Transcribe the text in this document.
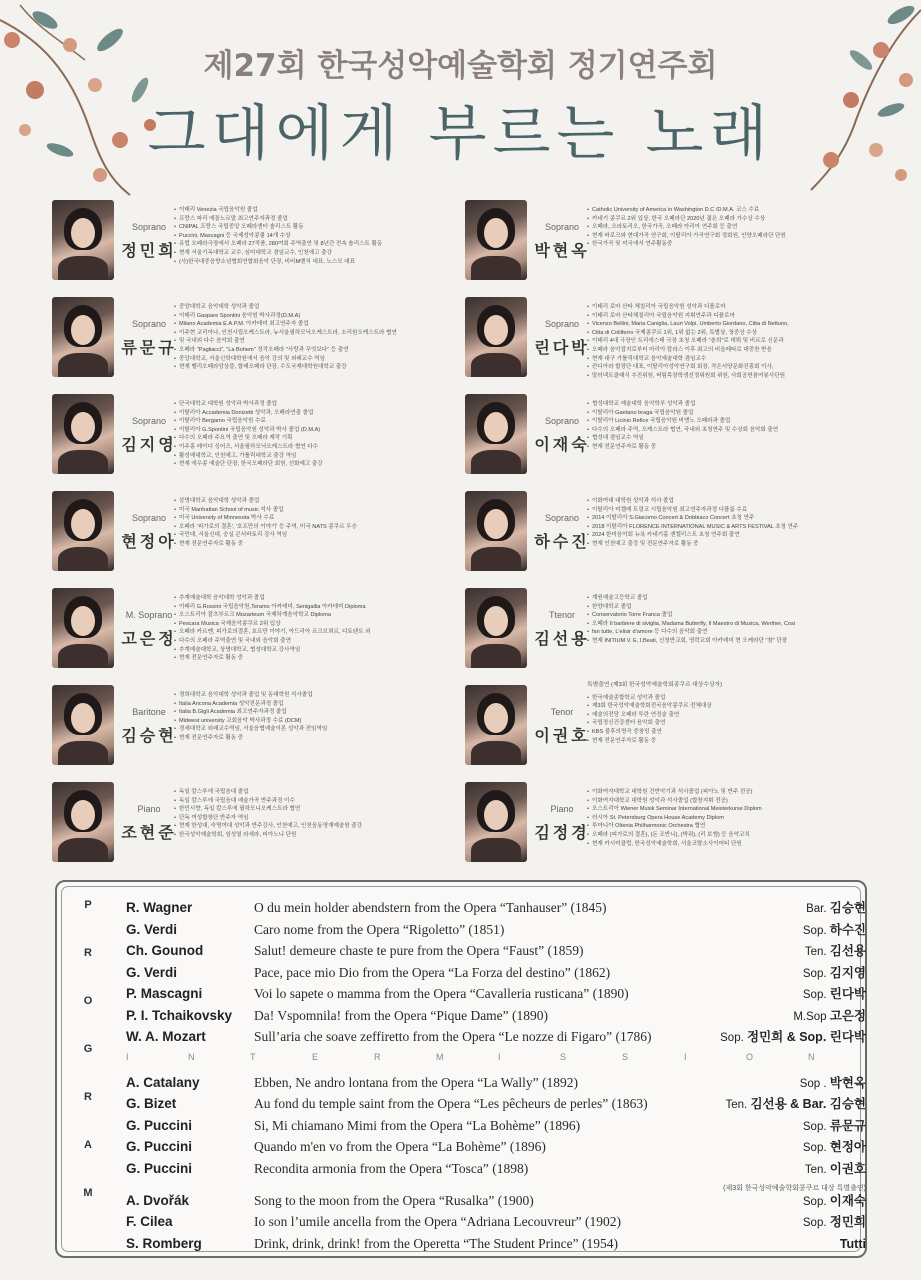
제27회 한국성악예술학회 정기연주회
그대에게 부르는 노래
Soprano
정민희
• 이태리 Venezia 국립음악원 졸업
• 프랑스 파리 에꼴노르말 최고연주자과정 졸업
• CNIPAL 프랑스 국립중앙 오페라센터 솔리스트 활동
• Puccini, Mascagni 등 국제성악콩쿨 14개 수상
• 유럽 오페라극장에서 오페라 27작품, 280여회 주역출연 및 8년간 전속 솔리스트 활동
• 현재 서울기독대학교 교수, 심미대학교 겸임교수, 인천예고 출강
• (사)한국대중음향소년협회연합회음악 단장, 비비M밴치 대표, 노스모 대표
Soprano
박현옥
• Catholic University of America in Washington D.C /D.M.A. 코스 수료
• 카네기 콩쿠르 2위 입상, 한국 오페라단 2020년 젊은 오페라 가수상 수상
• 오페라, 오라토리오, 한국가곡, 오페라 아리아 연주회 등 출연
• 현재 바로크와 현대가곡 연구회, 이탈리아 가곡연구회 정회원, 인양오페라단 단원
• 한국가곡 및 미국에서 연주활동중
Soprano
류문규
• 중앙대학교 음악대학 성악과 졸업
• 이태리 Gaspare Spontini 음악원 박사과정(D.M.A)
• Milano Academia E.A.P.M. 아카데미 최고연주자 졸업
• 이주현 코리아나, 인천시립오케스트라, 뉴서울필하모닉오케스트라, 소리원오케스트라 협연
• 및 국내외 다수 음악회 출연
• 오페라 "Pagliacci", "La Bohem" 정작오페라 "사랑과 무엇보다" 등 출연
• 중앙대학교, 서울신학대학원에서 음악 강의 및 외래교수 역임
• 현재 벨리오페라앙상블, 합래오페라 단장, 수도국제대학원대학교 출강
Soprano
린다박
• 이태리 로마 산타 체칠리아 국립음악원 성악과 디플로마
• 이태리 로마 산타체칠리아 국립음악원 지휘연주과 디플로마
• Vicenzo Bellini, Maria Caniglia, Lauri Volpi, Umberto Giordano, Citta di Nettuno,
• Citta di Colliferro 국제콩쿠르 1위, 1위 없는 2위, 특별상, 청중상 수상
• 이태리 4대 극장인 트리에스테 극장 초청 오페라 "춘희"로 데뷔 및 비르로 신문과
• 오페라 음악잡지로부터 마리아 칼라스 이후 최고의 비올레타로 대중찬 받음
• 현재 대구 가톨릭대학교 음악예술대학 겸임교수
• 칸디아라 합장단 대표, 이탈리아성악연구회 회장, 작은서양문화진흥회 이사,
• 말러넥트클래식 추진위원, 버팀목장학생선정위원회 위원, 사회공헌참여봉사단원
Soprano
김지영
• 단국대학교 대학원 성악과 박사과정 졸업
• 이탈리아 Accademia Donizetti 성악과, 오페라연출 졸업
• 이탈리아 Bergamo 국립음악원 수료
• 이탈리아 G.Spontini 국립음악원 성악과 박사 졸업 (D.M.A)
• 다수의 오페라 주요역 출연 및 오페라 제작 기획
• 이주홍 레이디 싱어즈, 서울필하모닉오케스트라 협연 다수
• 활성예대학교, 인천예고, 가톨릭대학교 출강 역임
• 현재 에우콩 예술단 단장, 한국오페라단 회원, 선화예고 출강
Soprano
이재숙
• 협성대학교 예술대학 음악학부 성악과 졸업
• 이탈리아 Gaetano braga 국립음악원 졸업
• 이탈리아 Licinio Refice 국립음악원 비엔노 오페라과 졸업
• 다수의 오페라 주역, 오케스트라 협연, 국내외 초청연주 및 수상회 음악회 출연
• 협성대 겸임교수 역임
• 현재 전문연주자로 활동 중
Soprano
현정아
• 삼명대학교 음악대학 성악과 졸업
• 미국 Manhattan School of music 석사 졸업
• 미국 University of Minnesota 박사 수료
• 오페라 '피가로의 결혼', '호프만의 이야기' 등 주역, 미국 NATS 콩쿠르 우승
• 국민대, 서울신대, 숭실 콘서바토리 강사 역임
• 현재 전문연주자로 활동 중
Soprano
하수진
• 이화여대 대학원 성악과 석사 졸업
• 이탈리아 미켈레 트링코 시립음악원 최고연주자과정 디플롬 수료
• 2014 이탈리아 S.Giacomo Concert & Dobbiaco Concert 초청 연주
• 2018 이탈리아 FLORENCE INTERNATIONAL MUSIC & ARTS FESTIVAL 초청 연주
• 2024 한미음악회 뉴욕 카네기홀 잰켈리스트 초청 연주회 출연
• 현재 인천예고 출강 및 전문연주자로 활동 중
M. Soprano
고은정
• 추계예술대학 음악대학 성악과 졸업
• 이태리 G.Rossini 국립음악원,Teramo 아카데미, Senigallia 아카데미 Diploma
• 오스트리아 잘츠부르크 Mozarteum 국제하계음악학교 Diploma
• Pescara Musica 국제음악콩쿠르 2위 입상
• 오페라 카르멘, 피가로의결혼, 호프만 이야기, 아드리아 르크브뢰르, 디토텐트 외
• 다수의 오페라 주역출연 및 국내외 음악회 출연
• 추계예술대학교, 상명대학교, 협성대학교 강사역임
• 현재 전문연주자로 활동 중
Ttenor
김선용
• 계원예술고등학교 졸업
• 한양대학교 졸업
• Conservatorio Torre Franca 졸업
• 오페라 Il barbiere di siviglia, Madama Butterfly, Il Maestro di Musica, Werther, Cosi
• fan tutte, L'elisir d'amore 등 다수의 음악회 출연
• 현재 INITIUM V. E, I.Beati, 신청반교회, 영락교회 아카데미 현 오케라단 "참" 단장
Baritone
김승현
• 경희대학교 음악대학 성악과 졸업 및 동대학원 석사졸업
• Italia Ancona Academia 성악전문과정 졸업
• Italia B.Gigli Academia 최고연주자과정 졸업
• Midwest university 교회음악 박사과정 수료 (DCM)
• 경세대학교 외래교수역임, 서울음협예술이론 성악과 전임역임
• 현재 전문연주자로 활동 중
Tenor
이권호
특별출연 (제3회 한국성악예술학회콩쿠르 대상수상자)
• 한국예술종합학교 성악과 졸업
• 제3회 한국성악예술학회전국음악콩쿠르 전체대상
• 예술의전당 오페라 투란 연정술 출연
• 국립정신건강센터 음악회 출연
• KBS 불후의명곡 중창밍 출연
• 현재 전문연주자로 활동 중
Piano
조현준
• 독일 칼스루에 국립음대 졸업
• 독일 칼스루에 국립음대 예술가곡 반주과정 이수
• 한민시향, 독일 칼스루에 필하모니오케스트라 협연
• 단독 여성합창단 반주자 역임
• 현재 한성대, 숙명여대 성악과 반주강사, 인천예고, 인천음동영재예술원 출강
• 한국성악예술학회, 임성열 라세라, 피아노니 단원
Piano
김정경
• 이화여자대학교 대학원 건반악기과 석사졸업 (피아노 및 반주 전공)
• 이화여자대학교 대학원 성악과 석사졸업 (합창지휘 전공)
• 오스트리아 Wiener Musik Seminar International Meisterkurse Diplom
• 러시아 St. Petersburg Opera House Academy Diplom
• 루마니아 Oltenia Philharmonic Orchestra 협연
• 오페라 (피가로의 결혼), (돈 조반니), (박쥐), (리 보엠) 등 음악코치
• 현재 카시미클럽, 한국성악예술학회, 서울코랄소사이어티 단원
P
R
O
G
R
A
M
R. Wagner	O du mein holder abendstern from the Opera “Tanhauser” (1845)	Bar. 김승현
G. Verdi	Caro nome from the Opera “Rigoletto” (1851)	Sop. 하수진
Ch. Gounod	Salut! demeure chaste te pure from the Opera “Faust” (1859)	Ten. 김선용
G. Verdi	Pace, pace mio Dio from the Opera “La Forza del destino” (1862)	Sop. 김지영
P. Mascagni	Voi lo sapete o mamma from the Opera “Cavalleria rusticana” (1890)	Sop. 린다박
P. I. Tchaikovsky	Da! Vspomnila! from the Opera “Pique Dame” (1890)	M.Sop 고은정
W. A. Mozart	Sull’aria che soave zeffiretto from the Opera “Le nozze di Figaro” (1786)	Sop. 정민희 & Sop. 린다박
I	N	T	E	R	M	I	S	S	I	O	N
A. Catalany	Ebben, Ne andro lontana from the Opera “La Wally” (1892)	Sop . 박현옥
G. Bizet	Au fond du temple saint from the Opera “Les pêcheurs de perles” (1863)	Ten. 김선용 & Bar. 김승현
G. Puccini	Si, Mi chiamano Mimi from the Opera “La Bohème” (1896)	Sop. 류문규
G. Puccini	Quando m'en vo from the Opera “La Bohème” (1896)	Sop. 현정아
G. Puccini	Recondita armonia from the Opera “Tosca” (1898)	Ten. 이권호
(제3회 한국성악예술학회콩쿠르 대상 특별출연)
A. Dvořák	Song to the moon from the Opera “Rusalka” (1900)	Sop. 이재숙
F. Cilea	Io son l’umile ancella from the Opera “Adriana Lecouvreur” (1902)	Sop. 정민희
S. Romberg	Drink, drink, drink! from the Operetta “The Student Prince” (1954)	Tutti
